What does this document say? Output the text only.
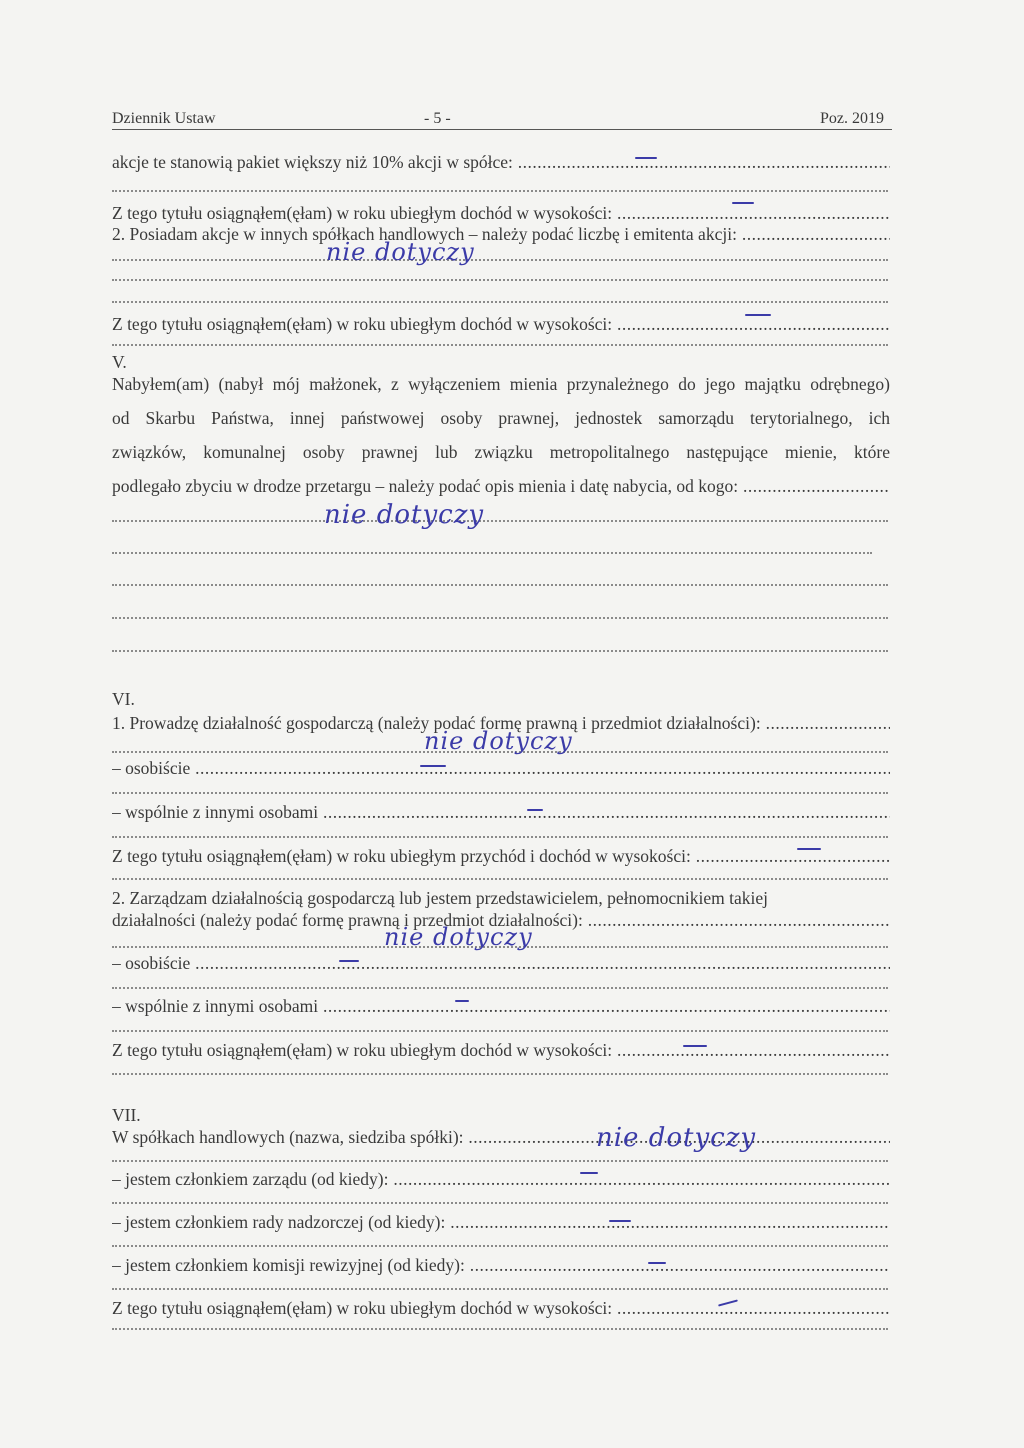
Dziennik Ustaw	- 5 -	Poz. 2019
akcje te stanowią pakiet większy niż 10% akcji w spółce: .....
Z tego tytułu osiągnąłem(ęłam) w roku ubiegłym dochód w wysokości: .....
2. Posiadam akcje w innych spółkach handlowych – należy podać liczbę i emitenta akcji: .....
Z tego tytułu osiągnąłem(ęłam) w roku ubiegłym dochód w wysokości: .....
V.
Nabyłem(am) (nabył mój małżonek, z wyłączeniem mienia przynależnego do jego majątku odrębnego)
od Skarbu Państwa, innej państwowej osoby prawnej, jednostek samorządu terytorialnego, ich
związków, komunalnej osoby prawnej lub związku metropolitalnego następujące mienie, które
podlegało zbyciu w drodze przetargu – należy podać opis mienia i datę nabycia, od kogo: .....
VI.
1. Prowadzę działalność gospodarczą (należy podać formę prawną i przedmiot działalności): .....
– osobiście .....
– wspólnie z innymi osobami .....
Z tego tytułu osiągnąłem(ęłam) w roku ubiegłym przychód i dochód w wysokości: .....
2. Zarządzam działalnością gospodarczą lub jestem przedstawicielem, pełnomocnikiem takiej
działalności (należy podać formę prawną i przedmiot działalności): .....
– osobiście .....
– wspólnie z innymi osobami .....
Z tego tytułu osiągnąłem(ęłam) w roku ubiegłym dochód w wysokości: .....
VII.
W spółkach handlowych (nazwa, siedziba spółki): .....
– jestem członkiem zarządu (od kiedy): .....
– jestem członkiem rady nadzorczej (od kiedy): .....
– jestem członkiem komisji rewizyjnej (od kiedy): .....
Z tego tytułu osiągnąłem(ęłam) w roku ubiegłym dochód w wysokości: .....
nie dotyczy
nie dotyczy
nie dotyczy
nie dotyczy
nie dotyczy
